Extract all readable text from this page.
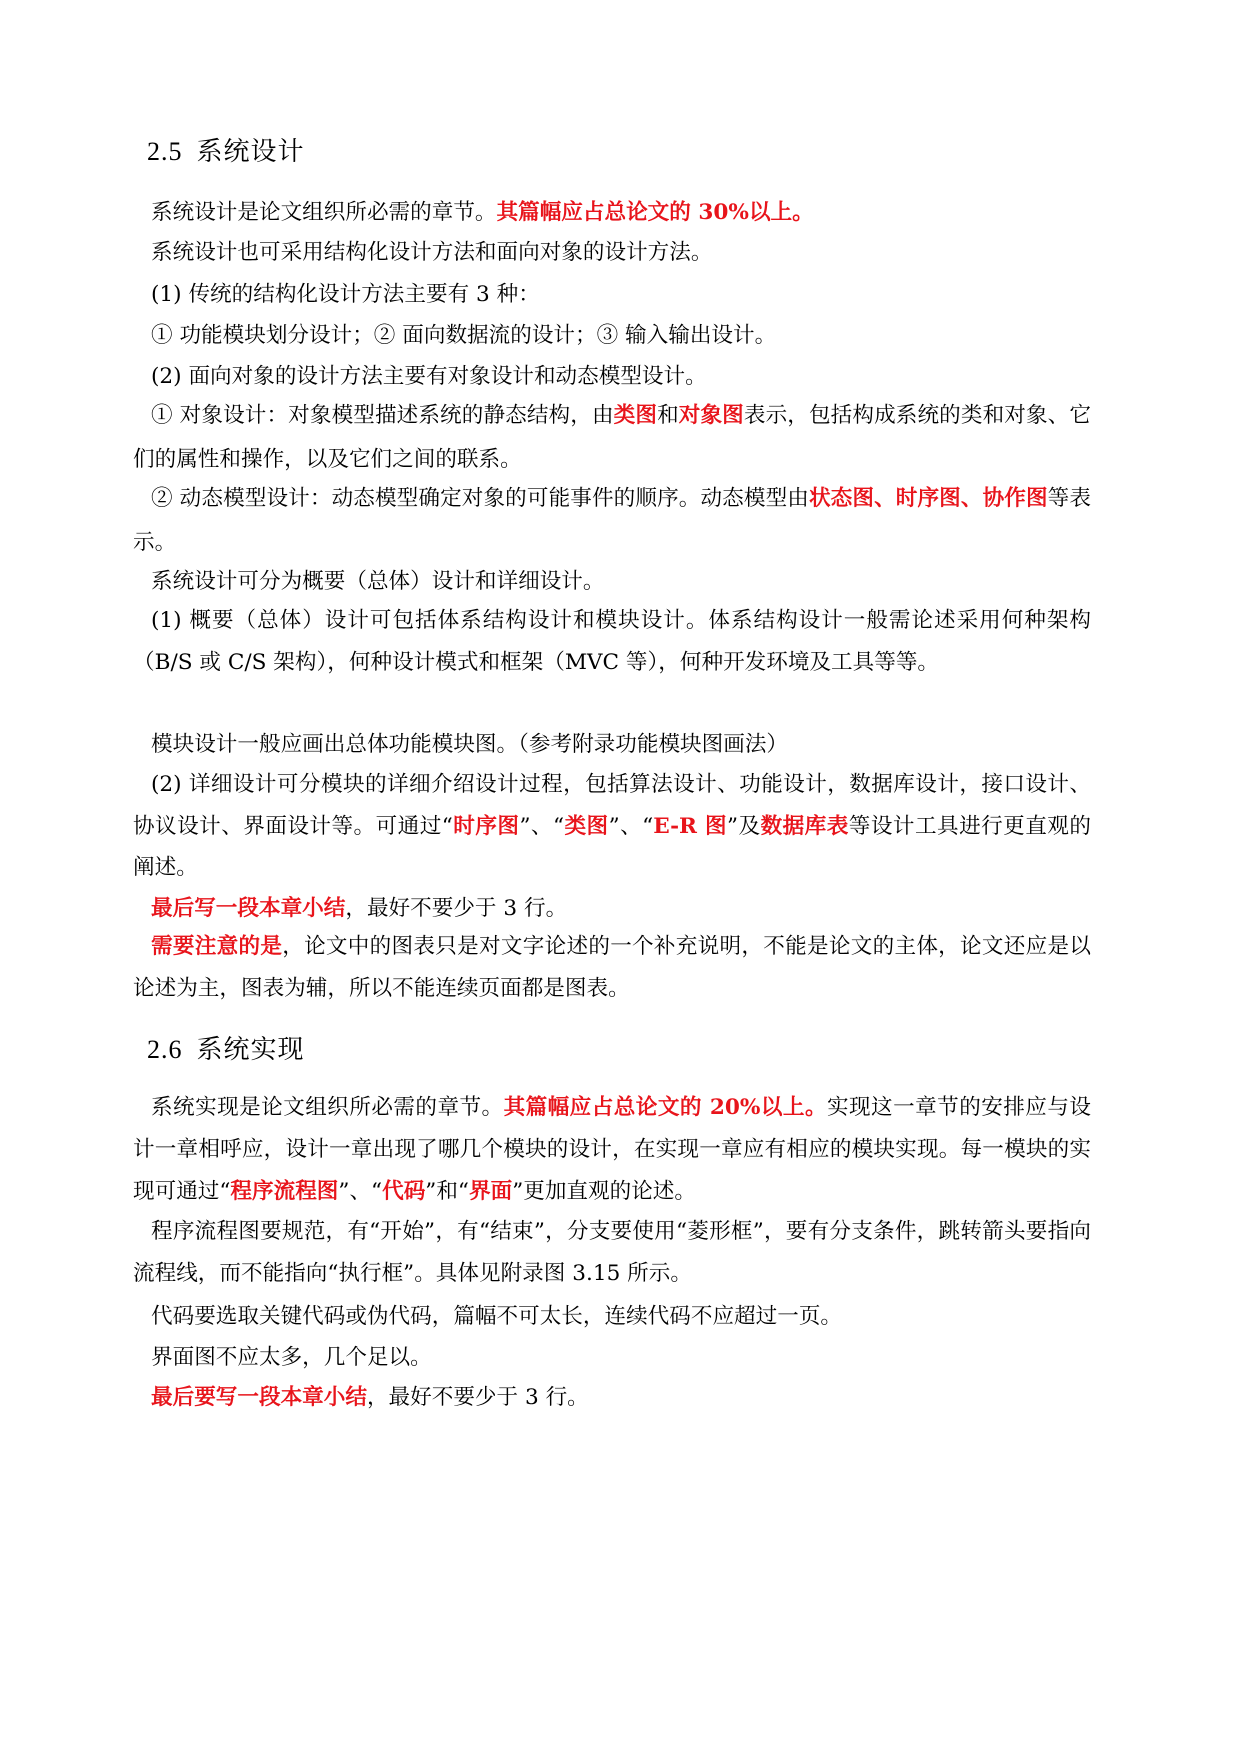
2.5 系统设计

系统设计是论文组织所必需的章节。其篇幅应占总论文的 30%以上。

系统设计也可采用结构化设计方法和面向对象的设计方法。

(1) 传统的结构化设计方法主要有 3 种：

① 功能模块划分设计；② 面向数据流的设计；③ 输入输出设计。

(2) 面向对象的设计方法主要有对象设计和动态模型设计。

① 对象设计：对象模型描述系统的静态结构，由类图和对象图表示，包括构成系统的类和对象、它们的属性和操作，以及它们之间的联系。

② 动态模型设计：动态模型确定对象的可能事件的顺序。动态模型由状态图、时序图、协作图等表示。

系统设计可分为概要（总体）设计和详细设计。

(1) 概要（总体）设计可包括体系结构设计和模块设计。体系结构设计一般需论述采用何种架构（B/S 或 C/S 架构），何种设计模式和框架（MVC 等），何种开发环境及工具等等。

模块设计一般应画出总体功能模块图。（参考附录功能模块图画法）

(2) 详细设计可分模块的详细介绍设计过程，包括算法设计、功能设计，数据库设计，接口设计、协议设计、界面设计等。可通过“时序图”、“类图”、“E-R 图”及数据库表等设计工具进行更直观的阐述。

最后写一段本章小结，最好不要少于 3 行。

需要注意的是，论文中的图表只是对文字论述的一个补充说明，不能是论文的主体，论文还应是以论述为主，图表为辅，所以不能连续页面都是图表。

2.6 系统实现

系统实现是论文组织所必需的章节。其篇幅应占总论文的 20%以上。实现这一章节的安排应与设计一章相呼应，设计一章出现了哪几个模块的设计，在实现一章应有相应的模块实现。每一模块的实现可通过“程序流程图”、“代码”和“界面”更加直观的论述。

程序流程图要规范，有“开始”，有“结束”，分支要使用“菱形框”，要有分支条件，跳转箭头要指向流程线，而不能指向“执行框”。具体见附录图 3.15 所示。

代码要选取关键代码或伪代码，篇幅不可太长，连续代码不应超过一页。

界面图不应太多，几个足以。

最后要写一段本章小结，最好不要少于 3 行。
